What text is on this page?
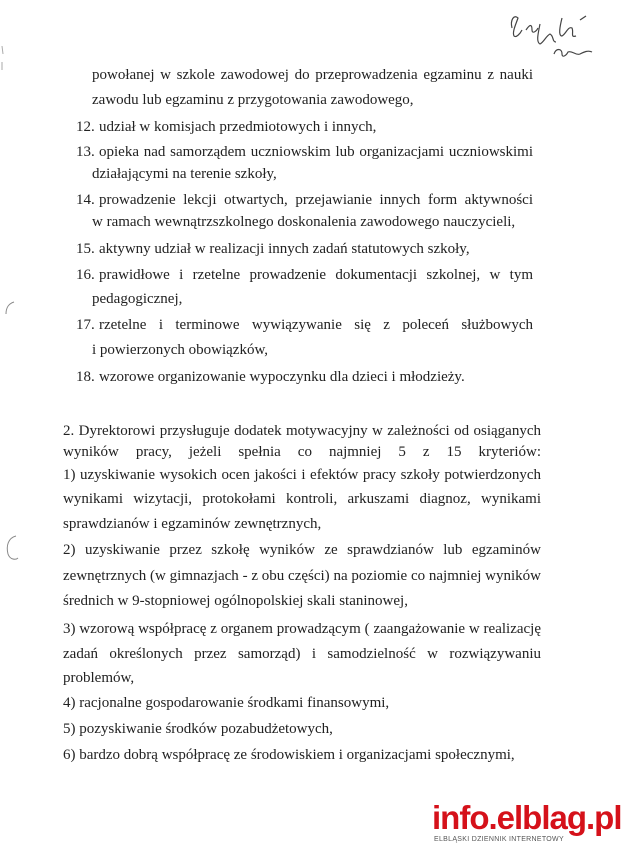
powołanej w szkole zawodowej do przeprowadzenia egzaminu z nauki
zawodu lub egzaminu z przygotowania zawodowego,
12. udział w komisjach przedmiotowych i innych,
13. opieka nad samorządem uczniowskim lub organizacjami uczniowskimi
działającymi na terenie szkoły,
14. prowadzenie lekcji otwartych, przejawianie innych form aktywności
w ramach wewnątrzszkolnego doskonalenia zawodowego nauczycieli,
15. aktywny udział w realizacji innych zadań statutowych szkoły,
16. prawidłowe i rzetelne prowadzenie dokumentacji szkolnej, w tym
pedagogicznej,
17. rzetelne i terminowe wywiązywanie się z poleceń służbowych
i powierzonych obowiązków,
18. wzorowe organizowanie wypoczynku dla dzieci i młodzieży.
2. Dyrektorowi przysługuje dodatek motywacyjny w zależności od osiąganych
wyników pracy, jeżeli spełnia co najmniej 5 z 15 kryteriów:
1) uzyskiwanie wysokich ocen jakości i efektów pracy szkoły potwierdzonych
wynikami wizytacji, protokołami kontroli, arkuszami diagnoz, wynikami
sprawdzianów i egzaminów zewnętrznych,
2) uzyskiwanie przez szkołę wyników ze sprawdzianów lub egzaminów
zewnętrznych (w gimnazjach - z obu części) na poziomie co najmniej wyników
średnich w 9-stopniowej ogólnopolskiej skali staninowej,
3) wzorową współpracę z organem prowadzącym ( zaangażowanie w realizację
zadań określonych przez samorząd) i samodzielność w rozwiązywaniu
problemów,
4) racjonalne gospodarowanie środkami finansowymi,
5) pozyskiwanie środków pozabudżetowych,
6) bardzo dobrą współpracę ze środowiskiem i organizacjami społecznymi,
info.elblag.pl
ELBLĄSKI DZIENNIK INTERNETOWY
